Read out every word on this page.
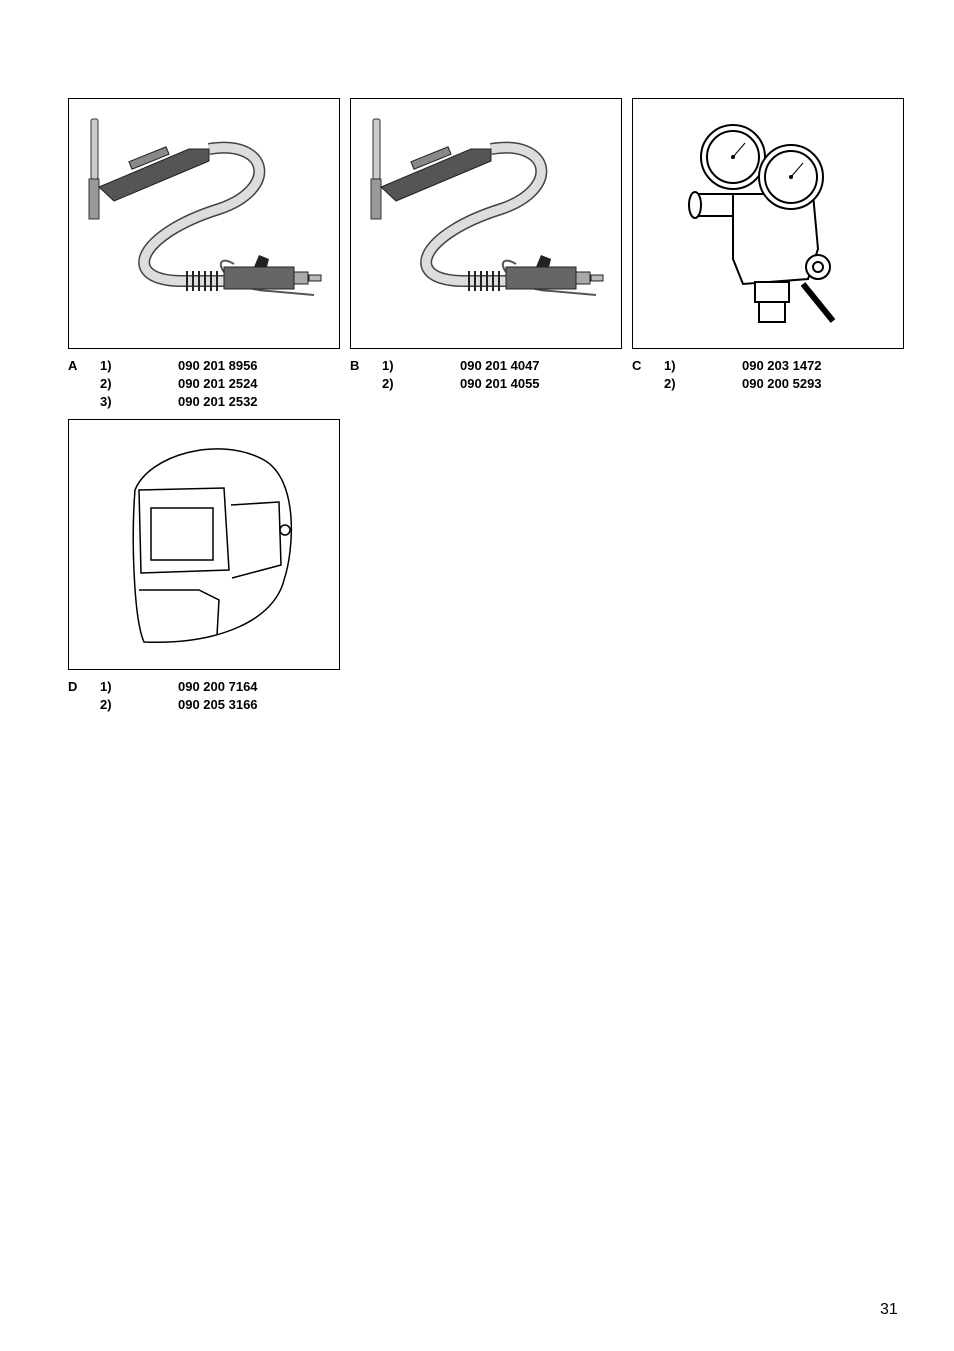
A 1)	090 201 8956
2)	090 201 2524
3)	090 201 2532
B 1)	090 201 4047
2)	090 201 4055
C 1)	090 203 1472
2)	090 200 5293
D 1)	090 200 7164
2)	090 205 3166
31
